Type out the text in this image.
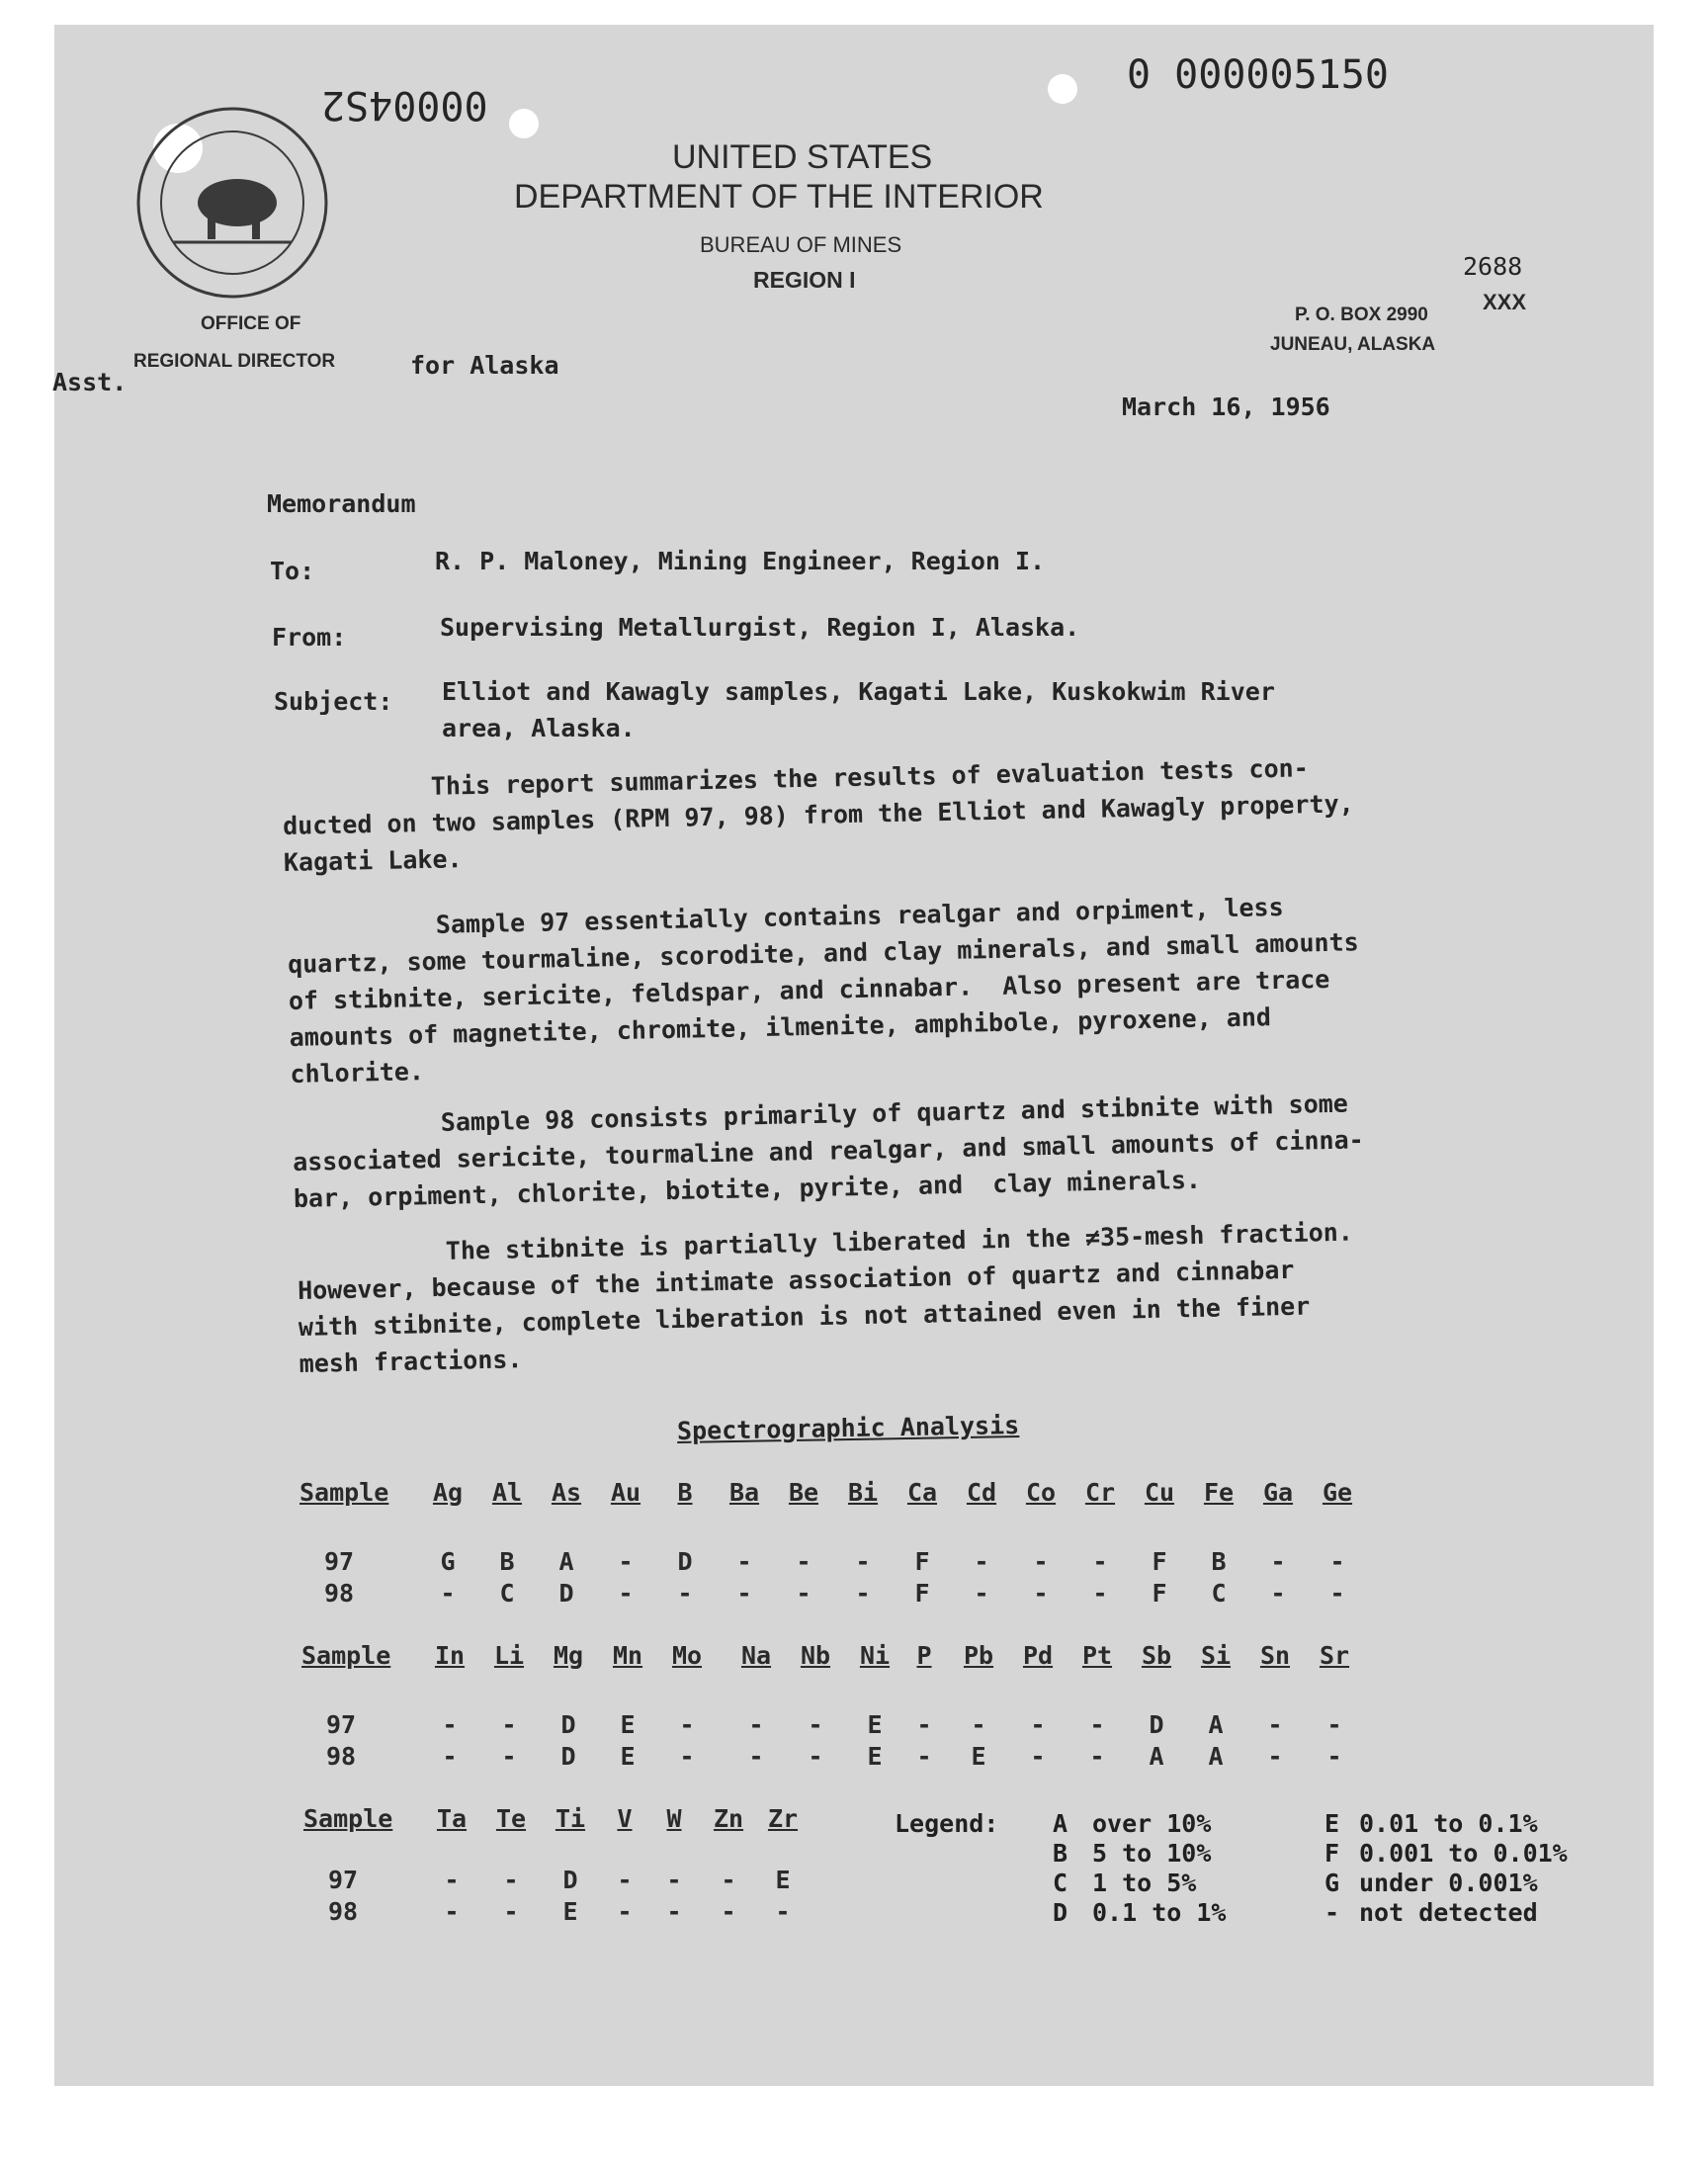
00004S2
0 000005150
UNITED STATES
DEPARTMENT OF THE INTERIOR
BUREAU OF MINES
REGION I
OFFICE OF
REGIONAL DIRECTOR
Asst.
for Alaska
2688
P. O. BOX 2990
XXX
JUNEAU, ALASKA
March 16, 1956
Memorandum
To:	R. P. Maloney, Mining Engineer, Region I.
From:	Supervising Metallurgist, Region I, Alaska.
Subject: Elliot and Kawagly samples, Kagati Lake, Kuskokwim River
area, Alaska.
This report summarizes the results of evaluation tests con-
ducted on two samples (RPM 97, 98) from the Elliot and Kawagly property,
Kagati Lake.
Sample 97 essentially contains realgar and orpiment, less
quartz, some tourmaline, scorodite, and clay minerals, and small amounts
of stibnite, sericite, feldspar, and cinnabar.  Also present are trace
amounts of magnetite, chromite, ilmenite, amphibole, pyroxene, and
chlorite.
Sample 98 consists primarily of quartz and stibnite with some
associated sericite, tourmaline and realgar, and small amounts of cinna-
bar, orpiment, chlorite, biotite, pyrite, and  clay minerals.
The stibnite is partially liberated in the ≠35-mesh fraction.
However, because of the intimate association of quartz and cinnabar
with stibnite, complete liberation is not attained even in the finer
mesh fractions.
Spectrographic Analysis
Sample	Ag	Al	As	Au	B	Ba	Be	Bi	Ca	Cd	Co	Cr	Cu	Fe	Ga	Ge
97	G	B	A	-	D	-	-	-	F	-	-	-	F	B	-	-
98	-	C	D	-	-	-	-	-	F	-	-	-	F	C	-	-
Sample	In	Li	Mg	Mn	Mo	Na	Nb	Ni	P	Pb	Pd	Pt	Sb	Si	Sn	Sr
97	-	-	D	E	-	-	-	E	-	-	-	-	D	A	-	-
98	-	-	D	E	-	-	-	E	-	E	-	-	A	A	-	-
Sample	Ta	Te	Ti	V	W	Zn Zr
97	-	-	D	-	-	-	E
98	-	-	E	-	-	-	-
Legend: A over 10%
B 5 to 10%
C 1 to 5%
D 0.1 to 1%
E 0.01 to 0.1%
F 0.001 to 0.01%
G under 0.001%
- not detected
